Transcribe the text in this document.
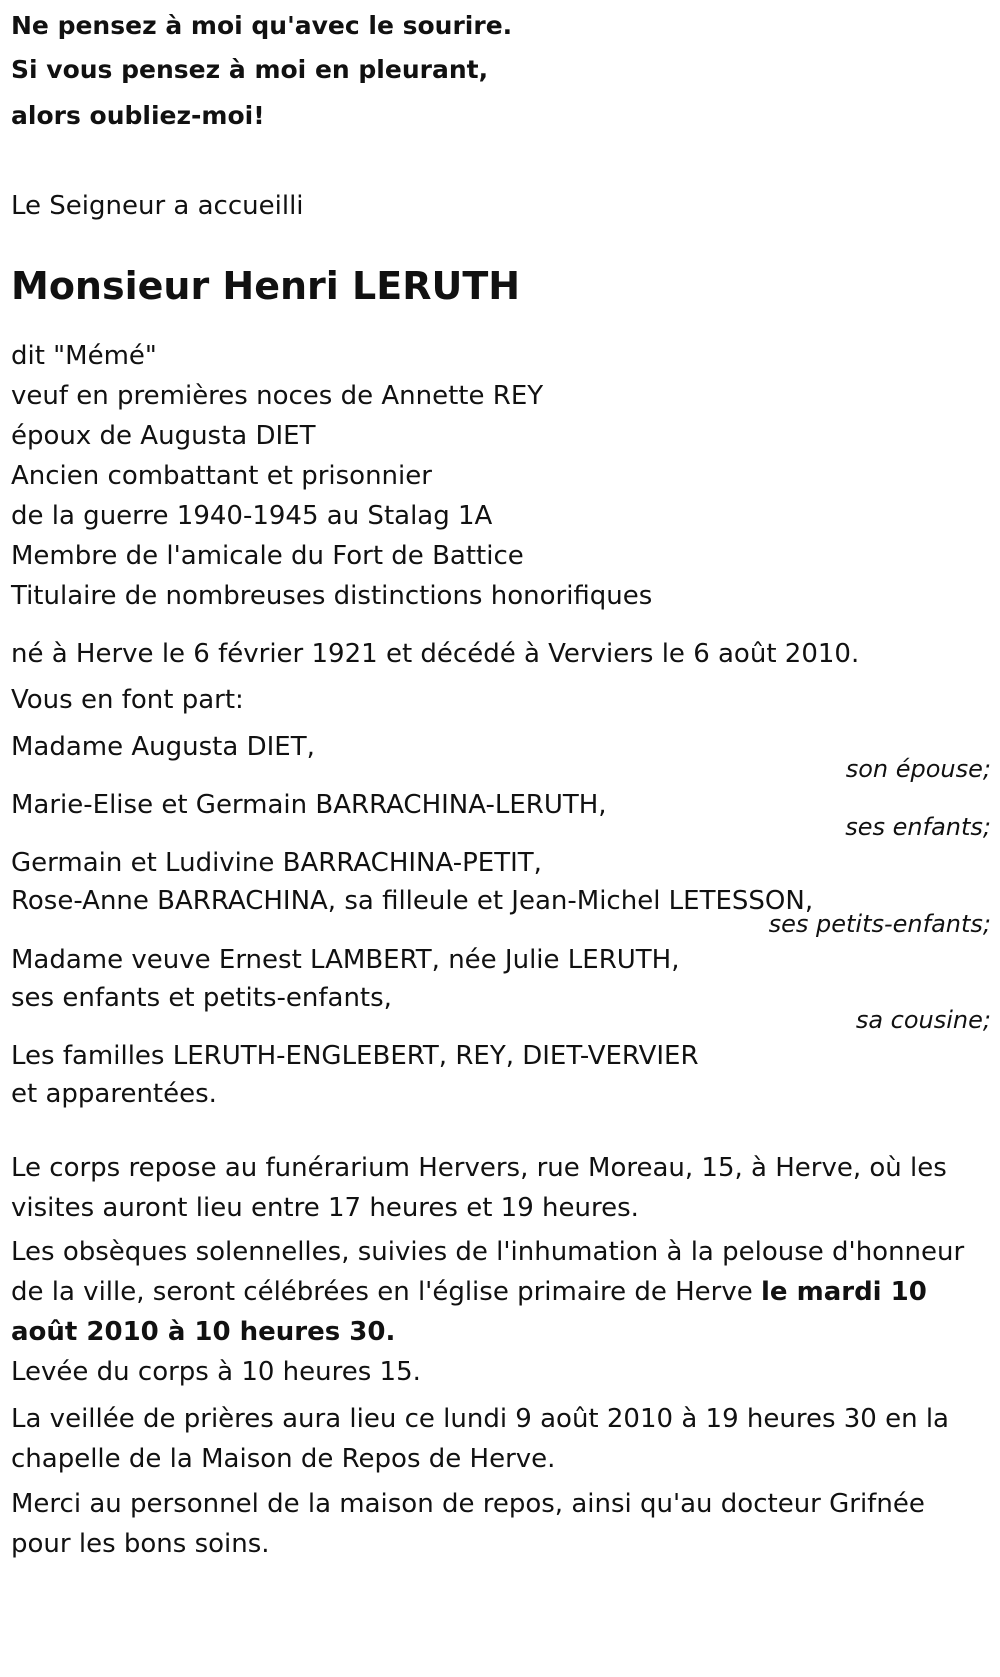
Ne pensez à moi qu'avec le sourire.
Si vous pensez à moi en pleurant,
alors oubliez-moi!
Le Seigneur a accueilli
Monsieur Henri LERUTH
dit "Mémé"
veuf en premières noces de Annette REY
époux de Augusta DIET
Ancien combattant et prisonnier
de la guerre 1940-1945 au Stalag 1A
Membre de l'amicale du Fort de Battice
Titulaire de nombreuses distinctions honorifiques
né à Herve le 6 février 1921 et décédé à Verviers le 6 août 2010.
Vous en font part:
Madame Augusta DIET,
son épouse;
Marie-Elise et Germain BARRACHINA-LERUTH,
ses enfants;
Germain et Ludivine BARRACHINA-PETIT,
Rose-Anne BARRACHINA, sa filleule et Jean-Michel LETESSON,
ses petits-enfants;
Madame veuve Ernest LAMBERT, née Julie LERUTH,
ses enfants et petits-enfants,
sa cousine;
Les familles LERUTH-ENGLEBERT, REY, DIET-VERVIER
et apparentées.
Le corps repose au funérarium Hervers, rue Moreau, 15, à Herve, où les visites auront lieu entre 17 heures et 19 heures.
Les obsèques solennelles, suivies de l'inhumation à la pelouse d'honneur de la ville, seront célébrées en l'église primaire de Herve le mardi 10 août 2010 à 10 heures 30.
Levée du corps à 10 heures 15.
La veillée de prières aura lieu ce lundi 9 août 2010 à 19 heures 30 en la chapelle de la Maison de Repos de Herve.
Merci au personnel de la maison de repos, ainsi qu'au docteur Grifnée pour les bons soins.
